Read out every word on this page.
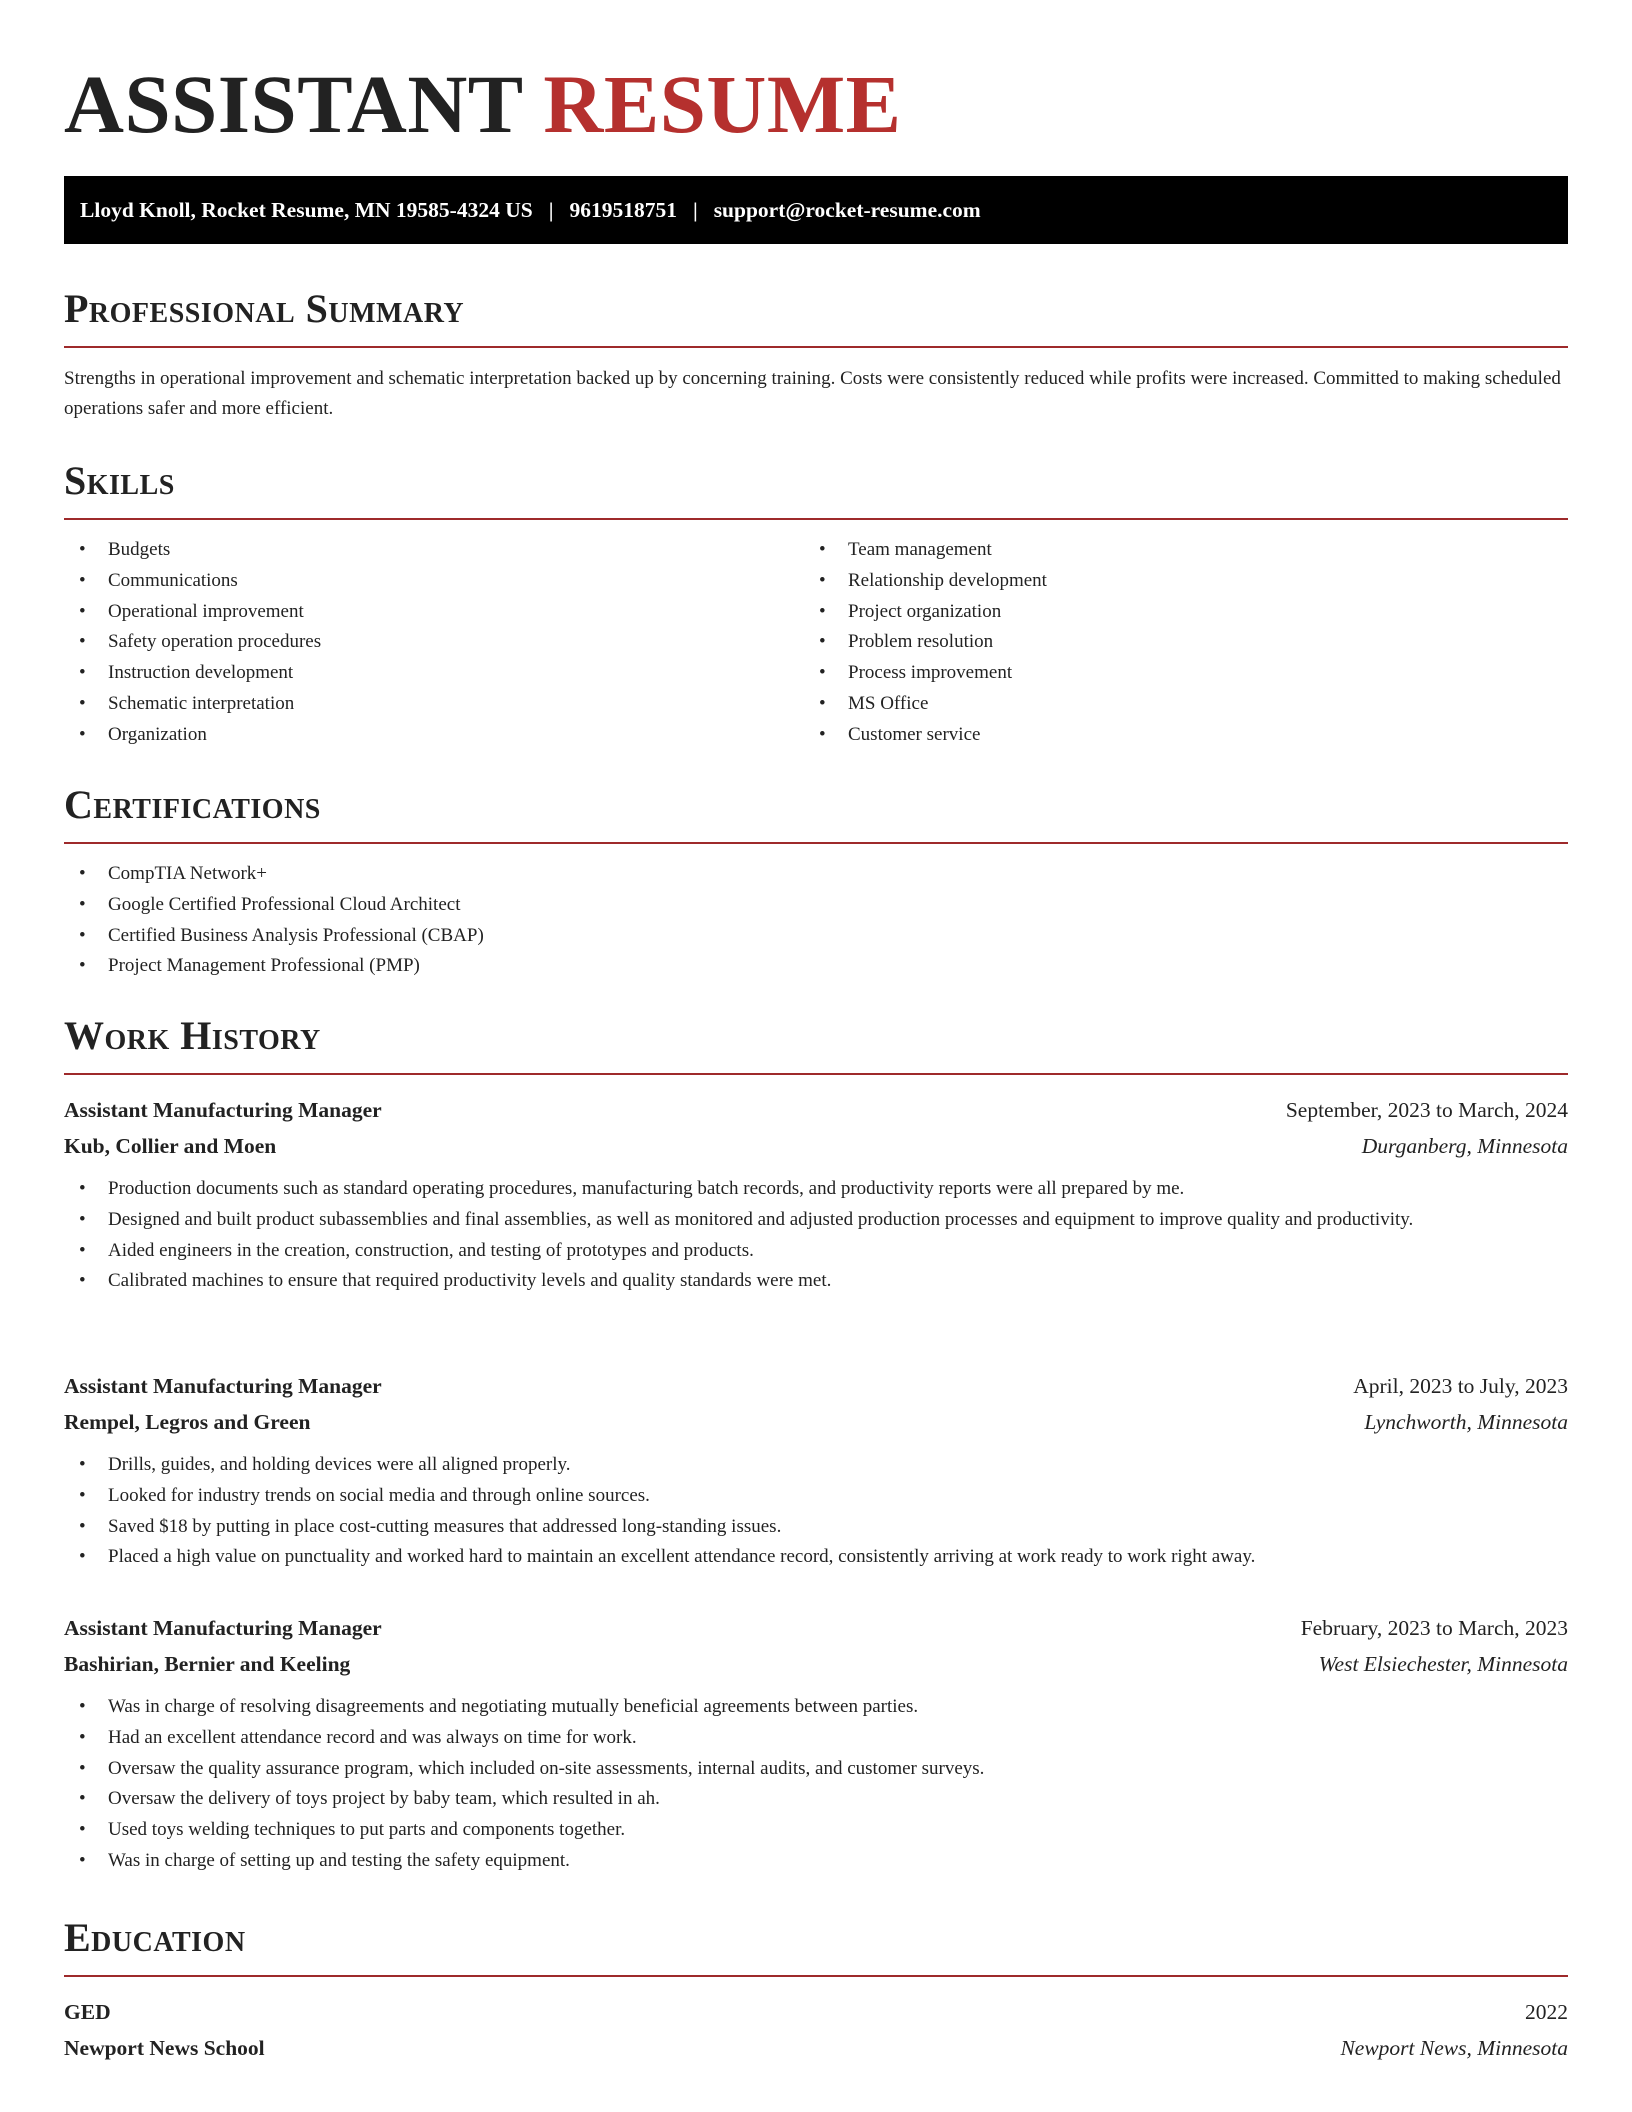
ASSISTANT RESUME
Lloyd Knoll, Rocket Resume, MN 19585-4324 US | 9619518751 | support@rocket-resume.com
Professional Summary

Strengths in operational improvement and schematic interpretation backed up by concerning training. Costs were consistently reduced while profits were increased. Committed to making scheduled operations safer and more efficient.

Skills
• Budgets
• Communications
• Operational improvement
• Safety operation procedures
• Instruction development
• Schematic interpretation
• Organization
• Team management
• Relationship development
• Project organization
• Problem resolution
• Process improvement
• MS Office
• Customer service
Certifications
• CompTIA Network+
• Google Certified Professional Cloud Architect
• Certified Business Analysis Professional (CBAP)
• Project Management Professional (PMP)
Work History
Assistant Manufacturing Manager	September, 2023 to March, 2024
Kub, Collier and Moen	Durganberg, Minnesota
• Production documents such as standard operating procedures, manufacturing batch records, and productivity reports were all prepared by me.
• Designed and built product subassemblies and final assemblies, as well as monitored and adjusted production processes and equipment to improve quality and productivity.
• Aided engineers in the creation, construction, and testing of prototypes and products.
• Calibrated machines to ensure that required productivity levels and quality standards were met.
Assistant Manufacturing Manager	April, 2023 to July, 2023
Rempel, Legros and Green	Lynchworth, Minnesota
• Drills, guides, and holding devices were all aligned properly.
• Looked for industry trends on social media and through online sources.
• Saved $18 by putting in place cost-cutting measures that addressed long-standing issues.
• Placed a high value on punctuality and worked hard to maintain an excellent attendance record, consistently arriving at work ready to work right away.
Assistant Manufacturing Manager	February, 2023 to March, 2023
Bashirian, Bernier and Keeling	West Elsiechester, Minnesota
• Was in charge of resolving disagreements and negotiating mutually beneficial agreements between parties.
• Had an excellent attendance record and was always on time for work.
• Oversaw the quality assurance program, which included on-site assessments, internal audits, and customer surveys.
• Oversaw the delivery of toys project by baby team, which resulted in ah.
• Used toys welding techniques to put parts and components together.
• Was in charge of setting up and testing the safety equipment.
Education
GED	2022
Newport News School	Newport News, Minnesota
